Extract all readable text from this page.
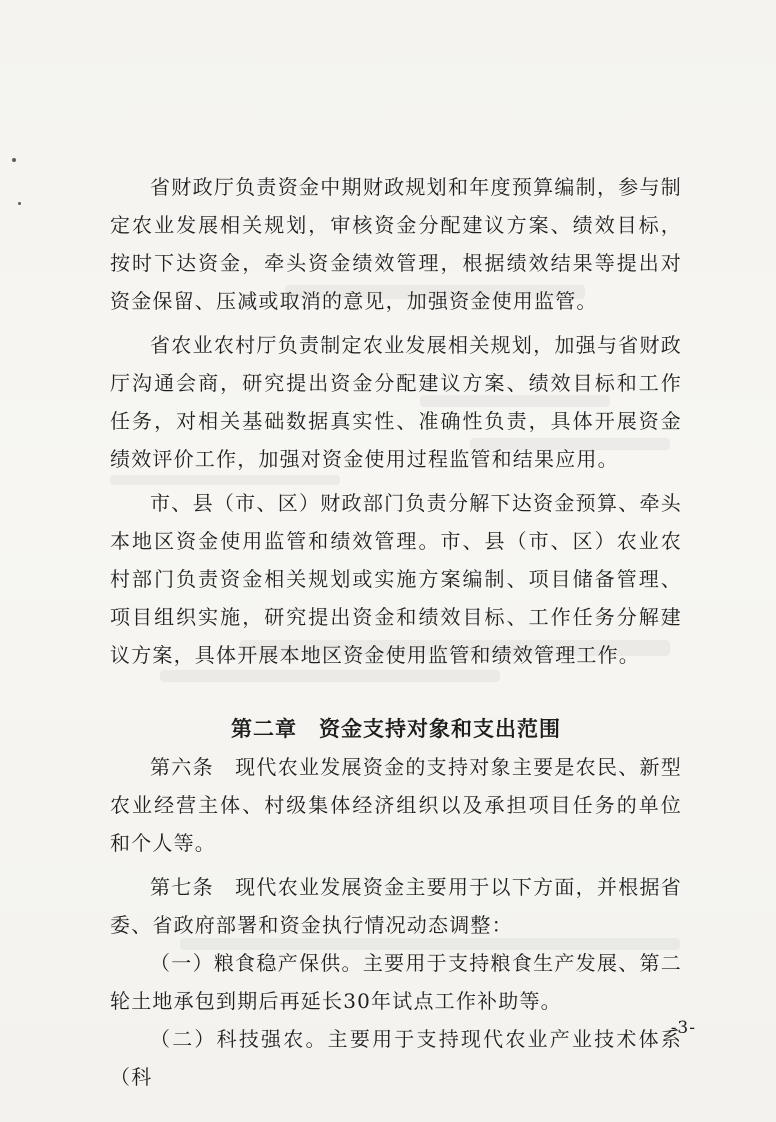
省财政厅负责资金中期财政规划和年度预算编制，参与制定农业发展相关规划，审核资金分配建议方案、绩效目标，按时下达资金，牵头资金绩效管理，根据绩效结果等提出对资金保留、压减或取消的意见，加强资金使用监管。

省农业农村厅负责制定农业发展相关规划，加强与省财政厅沟通会商，研究提出资金分配建议方案、绩效目标和工作任务，对相关基础数据真实性、准确性负责，具体开展资金绩效评价工作，加强对资金使用过程监管和结果应用。

市、县（市、区）财政部门负责分解下达资金预算、牵头本地区资金使用监管和绩效管理。市、县（市、区）农业农村部门负责资金相关规划或实施方案编制、项目储备管理、项目组织实施，研究提出资金和绩效目标、工作任务分解建议方案，具体开展本地区资金使用监管和绩效管理工作。

第二章　资金支持对象和支出范围

第六条　现代农业发展资金的支持对象主要是农民、新型农业经营主体、村级集体经济组织以及承担项目任务的单位和个人等。

第七条　现代农业发展资金主要用于以下方面，并根据省委、省政府部署和资金执行情况动态调整：

（一）粮食稳产保供。主要用于支持粮食生产发展、第二轮土地承包到期后再延长30年试点工作补助等。

（二）科技强农。主要用于支持现代农业产业技术体系（科

-3-
